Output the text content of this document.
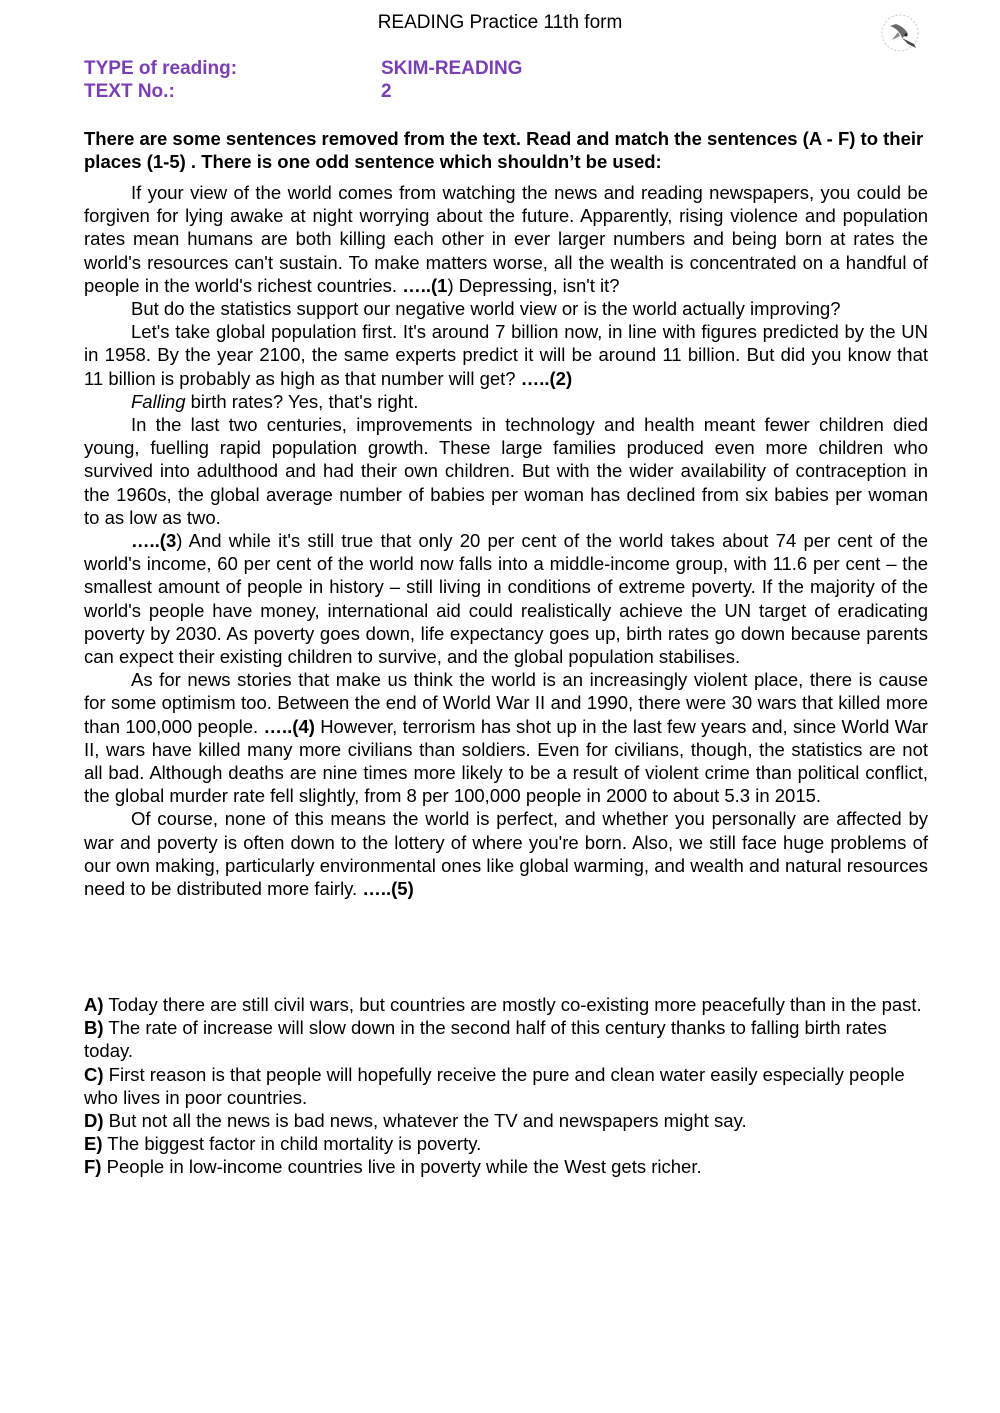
READING Practice 11th form
TYPE of reading:	SKIM-READING
TEXT No.:	2
There are some sentences removed from the text. Read and match the sentences (A - F) to their places (1-5) . There is one odd sentence which shouldn’t be used:

If your view of the world comes from watching the news and reading newspapers, you could be forgiven for lying awake at night worrying about the future. Apparently, rising violence and population rates mean humans are both killing each other in ever larger numbers and being born at rates the world's resources can't sustain. To make matters worse, all the wealth is concentrated on a handful of people in the world's richest countries. …..(1) Depressing, isn't it?

But do the statistics support our negative world view or is the world actually improving?

Let's take global population first. It's around 7 billion now, in line with figures predicted by the UN in 1958. By the year 2100, the same experts predict it will be around 11 billion. But did you know that 11 billion is probably as high as that number will get? …..(2)

Falling birth rates? Yes, that's right.

In the last two centuries, improvements in technology and health meant fewer children died young, fuelling rapid population growth. These large families produced even more children who survived into adulthood and had their own children. But with the wider availability of contraception in the 1960s, the global average number of babies per woman has declined from six babies per woman to as low as two.

…..(3) And while it's still true that only 20 per cent of the world takes about 74 per cent of the world's income, 60 per cent of the world now falls into a middle-income group, with 11.6 per cent – the smallest amount of people in history – still living in conditions of extreme poverty. If the majority of the world's people have money, international aid could realistically achieve the UN target of eradicating poverty by 2030. As poverty goes down, life expectancy goes up, birth rates go down because parents can expect their existing children to survive, and the global population stabilises.

As for news stories that make us think the world is an increasingly violent place, there is cause for some optimism too. Between the end of World War II and 1990, there were 30 wars that killed more than 100,000 people. …..(4) However, terrorism has shot up in the last few years and, since World War II, wars have killed many more civilians than soldiers. Even for civilians, though, the statistics are not all bad. Although deaths are nine times more likely to be a result of violent crime than political conflict, the global murder rate fell slightly, from 8 per 100,000 people in 2000 to about 5.3 in 2015.

Of course, none of this means the world is perfect, and whether you personally are affected by war and poverty is often down to the lottery of where you're born. Also, we still face huge problems of our own making, particularly environmental ones like global warming, and wealth and natural resources need to be distributed more fairly. …..(5)

A) Today there are still civil wars, but countries are mostly co-existing more peacefully than in the past.

B) The rate of increase will slow down in the second half of this century thanks to falling birth rates today.

C) First reason is that people will hopefully receive the pure and clean water easily especially people who lives in poor countries.

D) But not all the news is bad news, whatever the TV and newspapers might say.

E) The biggest factor in child mortality is poverty.

F) People in low-income countries live in poverty while the West gets richer.
